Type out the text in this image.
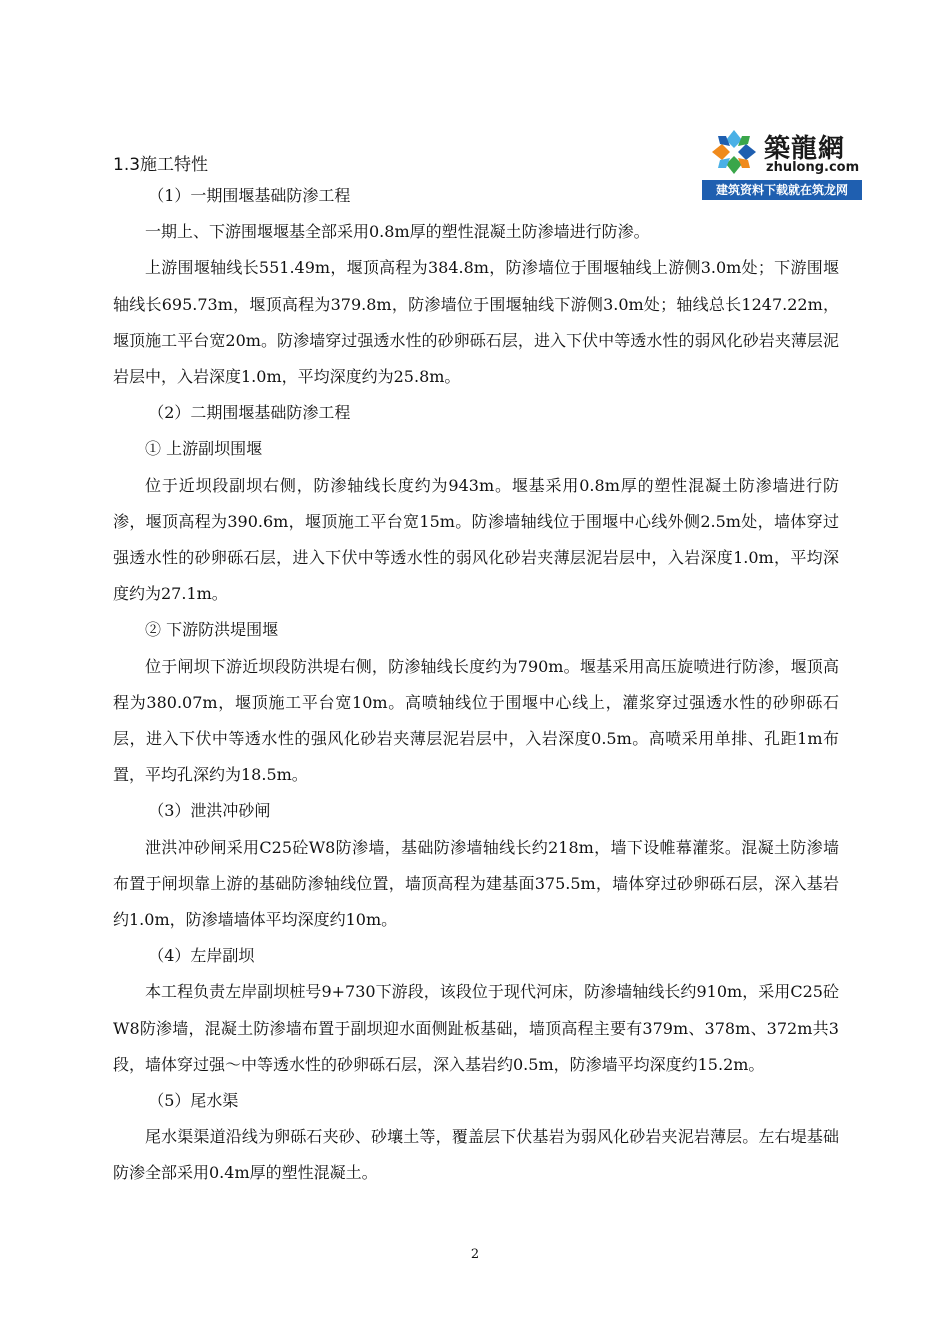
築龍網
zhulong.com
建筑资料下载就在筑龙网
1.3施工特性

（1）一期围堰基础防渗工程

一期上、下游围堰堰基全部采用0.8m厚的塑性混凝土防渗墙进行防渗。

上游围堰轴线长551.49m，堰顶高程为384.8m，防渗墙位于围堰轴线上游侧3.0m处；下游围堰轴线长695.73m，堰顶高程为379.8m，防渗墙位于围堰轴线下游侧3.0m处；轴线总长1247.22m，堰顶施工平台宽20m。防渗墙穿过强透水性的砂卵砾石层，进入下伏中等透水性的弱风化砂岩夹薄层泥岩层中，入岩深度1.0m，平均深度约为25.8m。

（2）二期围堰基础防渗工程

① 上游副坝围堰

位于近坝段副坝右侧，防渗轴线长度约为943m。堰基采用0.8m厚的塑性混凝土防渗墙进行防渗，堰顶高程为390.6m，堰顶施工平台宽15m。防渗墙轴线位于围堰中心线外侧2.5m处，墙体穿过强透水性的砂卵砾石层，进入下伏中等透水性的弱风化砂岩夹薄层泥岩层中，入岩深度1.0m，平均深度约为27.1m。

② 下游防洪堤围堰

位于闸坝下游近坝段防洪堤右侧，防渗轴线长度约为790m。堰基采用高压旋喷进行防渗，堰顶高程为380.07m，堰顶施工平台宽10m。高喷轴线位于围堰中心线上，灌浆穿过强透水性的砂卵砾石层，进入下伏中等透水性的强风化砂岩夹薄层泥岩层中，入岩深度0.5m。高喷采用单排、孔距1m布置，平均孔深约为18.5m。

（3）泄洪冲砂闸

泄洪冲砂闸采用C25砼W8防渗墙，基础防渗墙轴线长约218m，墙下设帷幕灌浆。混凝土防渗墙布置于闸坝靠上游的基础防渗轴线位置，墙顶高程为建基面375.5m，墙体穿过砂卵砾石层，深入基岩约1.0m，防渗墙墙体平均深度约10m。

（4）左岸副坝

本工程负责左岸副坝桩号9+730下游段，该段位于现代河床，防渗墙轴线长约910m，采用C25砼W8防渗墙，混凝土防渗墙布置于副坝迎水面侧趾板基础，墙顶高程主要有379m、378m、372m共3段，墙体穿过强～中等透水性的砂卵砾石层，深入基岩约0.5m，防渗墙平均深度约15.2m。

（5）尾水渠

尾水渠渠道沿线为卵砾石夹砂、砂壤土等，覆盖层下伏基岩为弱风化砂岩夹泥岩薄层。左右堤基础防渗全部采用0.4m厚的塑性混凝土。

2
